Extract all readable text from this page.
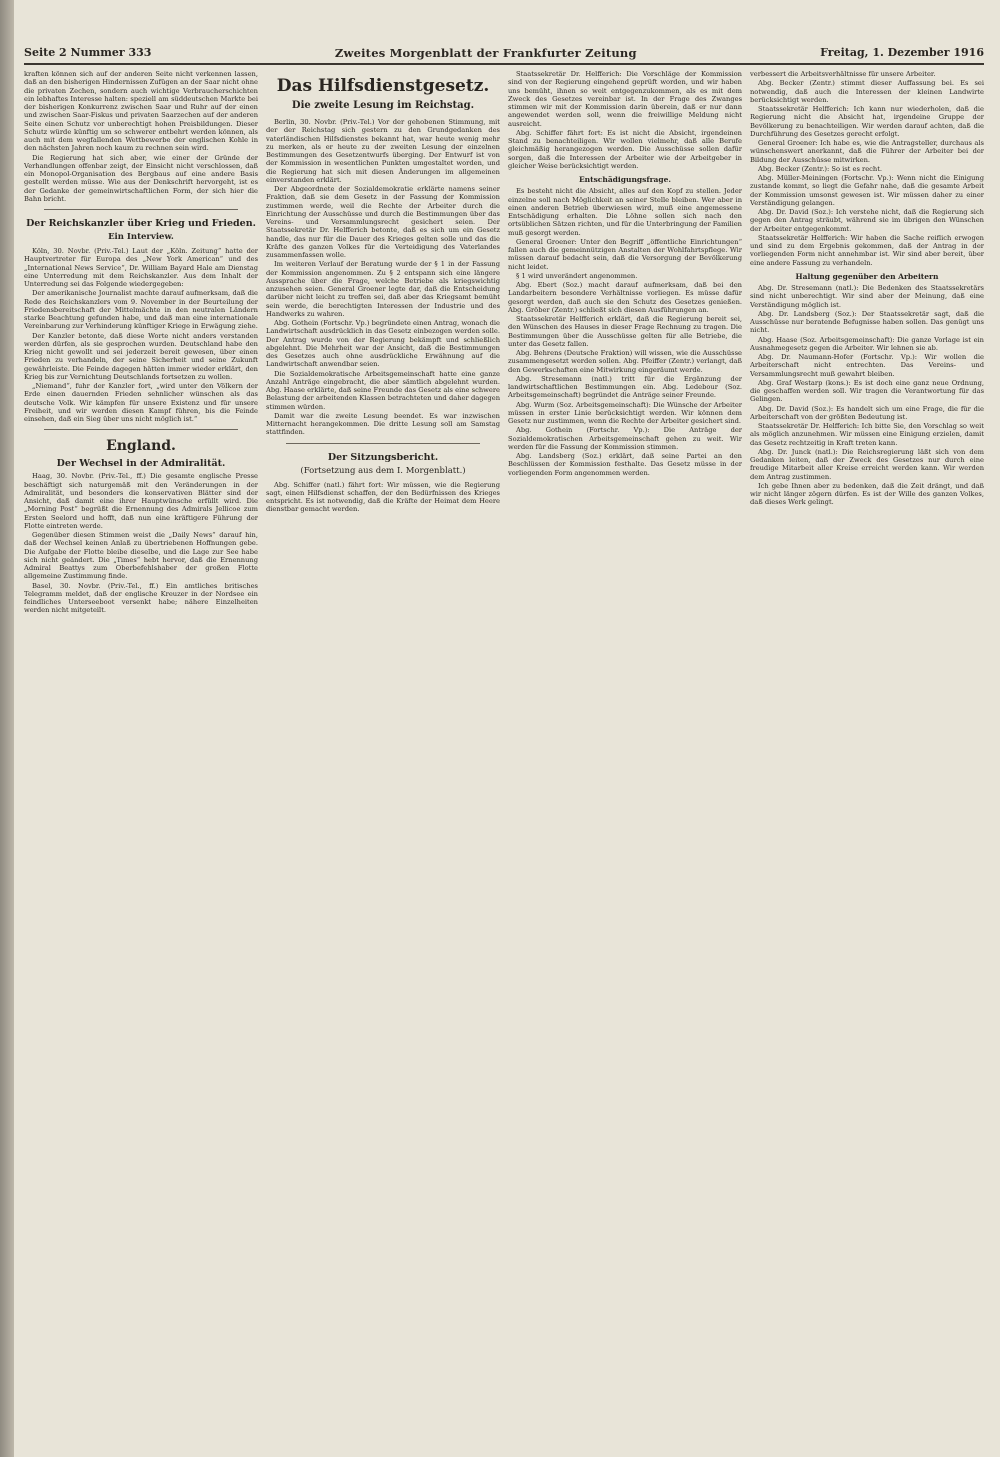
Seite 2 Nummer 333	Zweites Morgenblatt der Frankfurter Zeitung	Freitag, 1. Dezember 1916

kraften können sich auf der anderen Seite nicht verkennen lassen, daß an den bisherigen Hindernissen Zufügen an der Saar nicht ohne die privaten Zechen, sondern auch wichtige Verbraucherschichten ein lebhaftes Interesse halten: speziell am süddeutschen Markte bei der bisherigen Konkurrenz zwischen Saar und Ruhr auf der einen und zwischen Saar-Fiskus und privaten Saarzechen auf der anderen Seite einen Schutz vor unberechtigt hohen Preisbildungen. Dieser Schutz würde künftig um so schwerer entbehrt werden können, als auch mit dem wegfallenden Wettbewerbe der englischen Kohle in den nächsten Jahren noch kaum zu rechnen sein wird.

Die Regierung hat sich aber, wie einer der Gründe der Verhandlungen offenbar zeigt, der Einsicht nicht verschlossen, daß ein Monopol-Organisation des Bergbaus auf eine andere Basis gestellt werden müsse. Wie aus der Denkschrift hervorgeht, ist es der Gedanke der gemeinwirtschaftlichen Form, der sich hier die Bahn bricht.

Der Reichskanzler über Krieg und Frieden.
Ein Interview.

Köln, 30. Novbr. (Priv.-Tel.) Laut der „Köln. Zeitung“ hatte der Hauptvertreter für Europa des „New York American“ und des „International News Service“, Dr. William Bayard Hale am Dienstag eine Unterredung mit dem Reichskanzler. Aus dem Inhalt der Unterredung sei das Folgende wiedergegeben:

Der amerikanische Journalist machte darauf aufmerksam, daß die Rede des Reichskanzlers vom 9. November in der Beurteilung der Friedensbereitschaft der Mittelmächte in den neutralen Ländern starke Beachtung gefunden habe, und daß man eine internationale Vereinbarung zur Verhinderung künftiger Kriege in Erwägung ziehe.

Der Kanzler betonte, daß diese Worte nicht anders verstanden werden dürfen, als sie gesprochen wurden. Deutschland habe den Krieg nicht gewollt und sei jederzeit bereit gewesen, über einen Frieden zu verhandeln, der seine Sicherheit und seine Zukunft gewährleiste. Die Feinde dagegen hätten immer wieder erklärt, den Krieg bis zur Vernichtung Deutschlands fortsetzen zu wollen.

„Niemand“, fuhr der Kanzler fort, „wird unter den Völkern der Erde einen dauernden Frieden sehnlicher wünschen als das deutsche Volk. Wir kämpfen für unsere Existenz und für unsere Freiheit, und wir werden diesen Kampf führen, bis die Feinde einsehen, daß ein Sieg über uns nicht möglich ist.“

England.
Der Wechsel in der Admiralität.

Haag, 30. Novbr. (Priv.-Tel., ff.) Die gesamte englische Presse beschäftigt sich naturgemäß mit den Veränderungen in der Admiralität, und besonders die konservativen Blätter sind der Ansicht, daß damit eine ihrer Hauptwünsche erfüllt wird. Die „Morning Post“ begrüßt die Ernennung des Admirals Jellicoe zum Ersten Seelord und hofft, daß nun eine kräftigere Führung der Flotte eintreten werde.

Gegenüber diesen Stimmen weist die „Daily News“ darauf hin, daß der Wechsel keinen Anlaß zu übertriebenen Hoffnungen gebe. Die Aufgabe der Flotte bleibe dieselbe, und die Lage zur See habe sich nicht geändert. Die „Times“ hebt hervor, daß die Ernennung Admiral Beattys zum Oberbefehlshaber der großen Flotte allgemeine Zustimmung finde.

Basel, 30. Novbr. (Priv.-Tel., ff.) Ein amtliches britisches Telegramm meldet, daß der englische Kreuzer in der Nordsee ein feindliches Unterseeboot versenkt habe; nähere Einzelheiten werden nicht mitgeteilt.

Das Hilfsdienstgesetz.
Die zweite Lesung im Reichstag.

Berlin, 30. Novbr. (Priv.-Tel.) Vor der gehobenen Stimmung, mit der der Reichstag sich gestern zu den Grundgedanken des vaterländischen Hilfsdienstes bekannt hat, war heute wenig mehr zu merken, als er heute zu der zweiten Lesung der einzelnen Bestimmungen des Gesetzentwurfs überging. Der Entwurf ist von der Kommission in wesentlichen Punkten umgestaltet worden, und die Regierung hat sich mit diesen Änderungen im allgemeinen einverstanden erklärt.

Der Abgeordnete der Sozialdemokratie erklärte namens seiner Fraktion, daß sie dem Gesetz in der Fassung der Kommission zustimmen werde, weil die Rechte der Arbeiter durch die Einrichtung der Ausschüsse und durch die Bestimmungen über das Vereins- und Versammlungsrecht gesichert seien. Der Staatssekretär Dr. Helfferich betonte, daß es sich um ein Gesetz handle, das nur für die Dauer des Krieges gelten solle und das die Kräfte des ganzen Volkes für die Verteidigung des Vaterlandes zusammenfassen wolle.

Im weiteren Verlauf der Beratung wurde der § 1 in der Fassung der Kommission angenommen. Zu § 2 entspann sich eine längere Aussprache über die Frage, welche Betriebe als kriegswichtig anzusehen seien. General Groener legte dar, daß die Entscheidung darüber nicht leicht zu treffen sei, daß aber das Kriegsamt bemüht sein werde, die berechtigten Interessen der Industrie und des Handwerks zu wahren.

Abg. Gothein (Fortschr. Vp.) begründete einen Antrag, wonach die Landwirtschaft ausdrücklich in das Gesetz einbezogen werden solle. Der Antrag wurde von der Regierung bekämpft und schließlich abgelehnt. Die Mehrheit war der Ansicht, daß die Bestimmungen des Gesetzes auch ohne ausdrückliche Erwähnung auf die Landwirtschaft anwendbar seien.

Die Sozialdemokratische Arbeitsgemeinschaft hatte eine ganze Anzahl Anträge eingebracht, die aber sämtlich abgelehnt wurden. Abg. Haase erklärte, daß seine Freunde das Gesetz als eine schwere Belastung der arbeitenden Klassen betrachteten und daher dagegen stimmen würden.

Damit war die zweite Lesung beendet. Es war inzwischen Mitternacht herangekommen. Die dritte Lesung soll am Samstag stattfinden.

Der Sitzungsbericht.
(Fortsetzung aus dem I. Morgenblatt.)

Abg. Schiffer (natl.) fährt fort: Wir müssen, wie die Regierung sagt, einen Hilfsdienst schaffen, der den Bedürfnissen des Krieges entspricht. Es ist notwendig, daß die Kräfte der Heimat dem Heere dienstbar gemacht werden.

Staatssekretär Dr. Helfferich: Die Vorschläge der Kommission sind von der Regierung eingehend geprüft worden, und wir haben uns bemüht, ihnen so weit entgegenzukommen, als es mit dem Zweck des Gesetzes vereinbar ist. In der Frage des Zwanges stimmen wir mit der Kommission darin überein, daß er nur dann angewendet werden soll, wenn die freiwillige Meldung nicht ausreicht.

Abg. Schiffer fährt fort: Es ist nicht die Absicht, irgendeinen Stand zu benachteiligen. Wir wollen vielmehr, daß alle Berufe gleichmäßig herangezogen werden. Die Ausschüsse sollen dafür sorgen, daß die Interessen der Arbeiter wie der Arbeitgeber in gleicher Weise berücksichtigt werden.

Entschädigungsfrage.

Es besteht nicht die Absicht, alles auf den Kopf zu stellen. Jeder einzelne soll nach Möglichkeit an seiner Stelle bleiben. Wer aber in einen anderen Betrieb überwiesen wird, muß eine angemessene Entschädigung erhalten. Die Löhne sollen sich nach den ortsüblichen Sätzen richten, und für die Unterbringung der Familien muß gesorgt werden.

General Groener: Unter den Begriff „öffentliche Einrichtungen“ fallen auch die gemeinnützigen Anstalten der Wohlfahrtspflege. Wir müssen darauf bedacht sein, daß die Versorgung der Bevölkerung nicht leidet.

§ 1 wird unverändert angenommen.

Abg. Ebert (Soz.) macht darauf aufmerksam, daß bei den Landarbeitern besondere Verhältnisse vorliegen. Es müsse dafür gesorgt werden, daß auch sie den Schutz des Gesetzes genießen. Abg. Gröber (Zentr.) schließt sich diesen Ausführungen an.

Staatssekretär Helfferich erklärt, daß die Regierung bereit sei, den Wünschen des Hauses in dieser Frage Rechnung zu tragen. Die Bestimmungen über die Ausschüsse gelten für alle Betriebe, die unter das Gesetz fallen.

Abg. Behrens (Deutsche Fraktion) will wissen, wie die Ausschüsse zusammengesetzt werden sollen. Abg. Pfeiffer (Zentr.) verlangt, daß den Gewerkschaften eine Mitwirkung eingeräumt werde.

Abg. Stresemann (natl.) tritt für die Ergänzung der landwirtschaftlichen Bestimmungen ein. Abg. Ledebour (Soz. Arbeitsgemeinschaft) begründet die Anträge seiner Freunde.

Abg. Wurm (Soz. Arbeitsgemeinschaft): Die Wünsche der Arbeiter müssen in erster Linie berücksichtigt werden. Wir können dem Gesetz nur zustimmen, wenn die Rechte der Arbeiter gesichert sind.

Abg. Gothein (Fortschr. Vp.): Die Anträge der Sozialdemokratischen Arbeitsgemeinschaft gehen zu weit. Wir werden für die Fassung der Kommission stimmen.

Abg. Landsberg (Soz.) erklärt, daß seine Partei an den Beschlüssen der Kommission festhalte. Das Gesetz müsse in der vorliegenden Form angenommen werden.

verbessert die Arbeitsverhältnisse für unsere Arbeiter.

Abg. Becker (Zentr.) stimmt dieser Auffassung bei. Es sei notwendig, daß auch die Interessen der kleinen Landwirte berücksichtigt werden.

Staatssekretär Helfferich: Ich kann nur wiederholen, daß die Regierung nicht die Absicht hat, irgendeine Gruppe der Bevölkerung zu benachteiligen. Wir werden darauf achten, daß die Durchführung des Gesetzes gerecht erfolgt.

General Groener: Ich habe es, wie die Antragsteller, durchaus als wünschenswert anerkannt, daß die Führer der Arbeiter bei der Bildung der Ausschüsse mitwirken.

Abg. Becker (Zentr.): So ist es recht.

Abg. Müller-Meiningen (Fortschr. Vp.): Wenn nicht die Einigung zustande kommt, so liegt die Gefahr nahe, daß die gesamte Arbeit der Kommission umsonst gewesen ist. Wir müssen daher zu einer Verständigung gelangen.

Abg. Dr. David (Soz.): Ich verstehe nicht, daß die Regierung sich gegen den Antrag sträubt, während sie im übrigen den Wünschen der Arbeiter entgegenkommt.

Staatssekretär Helfferich: Wir haben die Sache reiflich erwogen und sind zu dem Ergebnis gekommen, daß der Antrag in der vorliegenden Form nicht annehmbar ist. Wir sind aber bereit, über eine andere Fassung zu verhandeln.

Haltung gegenüber den Arbeitern

Abg. Dr. Stresemann (natl.): Die Bedenken des Staatssekretärs sind nicht unberechtigt. Wir sind aber der Meinung, daß eine Verständigung möglich ist.

Abg. Dr. Landsberg (Soz.): Der Staatssekretär sagt, daß die Ausschüsse nur beratende Befugnisse haben sollen. Das genügt uns nicht.

Abg. Haase (Soz. Arbeitsgemeinschaft): Die ganze Vorlage ist ein Ausnahmegesetz gegen die Arbeiter. Wir lehnen sie ab.

Abg. Dr. Naumann-Hofer (Fortschr. Vp.): Wir wollen die Arbeiterschaft nicht entrechten. Das Vereins- und Versammlungsrecht muß gewahrt bleiben.

Abg. Graf Westarp (kons.): Es ist doch eine ganz neue Ordnung, die geschaffen werden soll. Wir tragen die Verantwortung für das Gelingen.

Abg. Dr. David (Soz.): Es handelt sich um eine Frage, die für die Arbeiterschaft von der größten Bedeutung ist.

Staatssekretär Dr. Helfferich: Ich bitte Sie, den Vorschlag so weit als möglich anzunehmen. Wir müssen eine Einigung erzielen, damit das Gesetz rechtzeitig in Kraft treten kann.

Abg. Dr. Junck (natl.): Die Reichsregierung läßt sich von dem Gedanken leiten, daß der Zweck des Gesetzes nur durch eine freudige Mitarbeit aller Kreise erreicht werden kann. Wir werden dem Antrag zustimmen.

Ich gebe Ihnen aber zu bedenken, daß die Zeit drängt, und daß wir nicht länger zögern dürfen. Es ist der Wille des ganzen Volkes, daß dieses Werk gelingt.
